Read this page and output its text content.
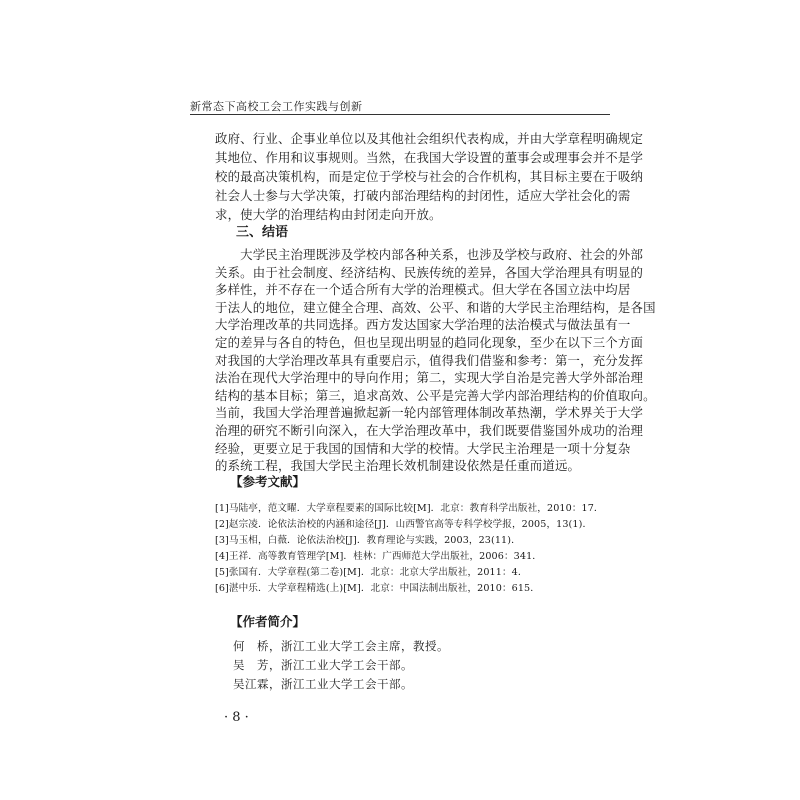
新常态下高校工会工作实践与创新
政府、行业、企事业单位以及其他社会组织代表构成，并由大学章程明确规定
其地位、作用和议事规则。当然，在我国大学设置的董事会或理事会并不是学
校的最高决策机构，而是定位于学校与社会的合作机构，其目标主要在于吸纳
社会人士参与大学决策，打破内部治理结构的封闭性，适应大学社会化的需
求，使大学的治理结构由封闭走向开放。
三、结语
　　大学民主治理既涉及学校内部各种关系，也涉及学校与政府、社会的外部
关系。由于社会制度、经济结构、民族传统的差异，各国大学治理具有明显的
多样性，并不存在一个适合所有大学的治理模式。但大学在各国立法中均居
于法人的地位，建立健全合理、高效、公平、和谐的大学民主治理结构，是各国
大学治理改革的共同选择。西方发达国家大学治理的法治模式与做法虽有一
定的差异与各自的特色，但也呈现出明显的趋同化现象，至少在以下三个方面
对我国的大学治理改革具有重要启示，值得我们借鉴和参考：第一，充分发挥
法治在现代大学治理中的导向作用；第二，实现大学自治是完善大学外部治理
结构的基本目标；第三，追求高效、公平是完善大学内部治理结构的价值取向。
当前，我国大学治理普遍掀起新一轮内部管理体制改革热潮，学术界关于大学
治理的研究不断引向深入，在大学治理改革中，我们既要借鉴国外成功的治理
经验，更要立足于我国的国情和大学的校情。大学民主治理是一项十分复杂
的系统工程，我国大学民主治理长效机制建设依然是任重而道远。
【参考文献】
[1]马陆亭，范文曜．大学章程要素的国际比较[M]．北京：教育科学出版社，2010：17．
[2]赵宗凌．论依法治校的内涵和途径[J]．山西警官高等专科学校学报，2005，13(1)．
[3]马玉相，白薇．论依法治校[J]．教育理论与实践，2003，23(11)．
[4]王祥．高等教育管理学[M]．桂林：广西师范大学出版社，2006：341．
[5]张国有．大学章程(第二卷)[M]．北京：北京大学出版社，2011：4．
[6]湛中乐．大学章程精选(上)[M]．北京：中国法制出版社，2010：615．
【作者简介】
何　桥，浙江工业大学工会主席，教授。
吴　芳，浙江工业大学工会干部。
吴江霖，浙江工业大学工会干部。
· 8 ·
